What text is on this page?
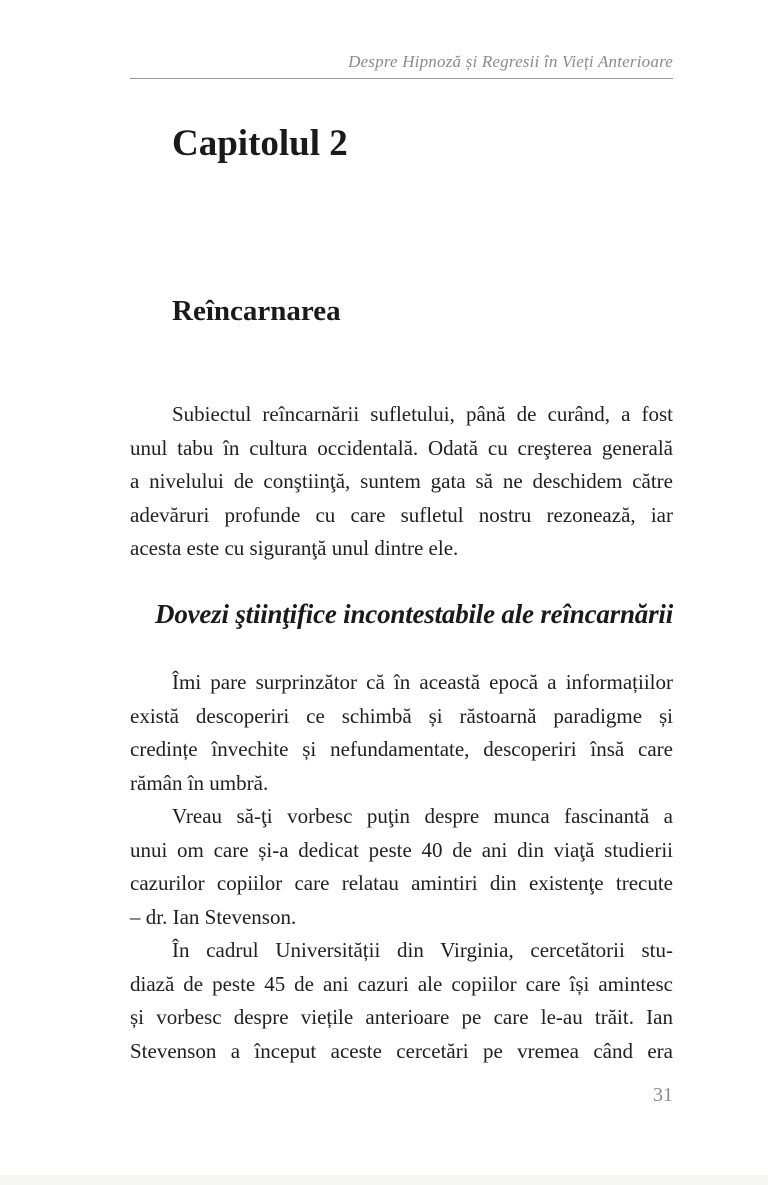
Despre Hipnoză și Regresii în Vieți Anterioare
Capitolul 2
Reîncarnarea

Subiectul reîncarnării sufletului, până de curând, a fost
unul tabu în cultura occidentală. Odată cu creşterea generală
a nivelului de conştiinţă, suntem gata să ne deschidem către
adevăruri profunde cu care sufletul nostru rezonează, iar
acesta este cu siguranţă unul dintre ele.

Dovezi ştiinţifice incontestabile ale reîncarnării

Îmi pare surprinzător că în această epocă a informațiilor
există descoperiri ce schimbă și răstoarnă paradigme și
credințe învechite și nefundamentate, descoperiri însă care
rămân în umbră.

Vreau să-ţi vorbesc puţin despre munca fascinantă a
unui om care și-a dedicat peste 40 de ani din viaţă studierii
cazurilor copiilor care relatau amintiri din existenţe trecute
– dr. Ian Stevenson.

În cadrul Universității din Virginia, cercetătorii stu-
diază de peste 45 de ani cazuri ale copiilor care își amintesc
și vorbesc despre viețile anterioare pe care le-au trăit. Ian
Stevenson a început aceste cercetări pe vremea când era

31
